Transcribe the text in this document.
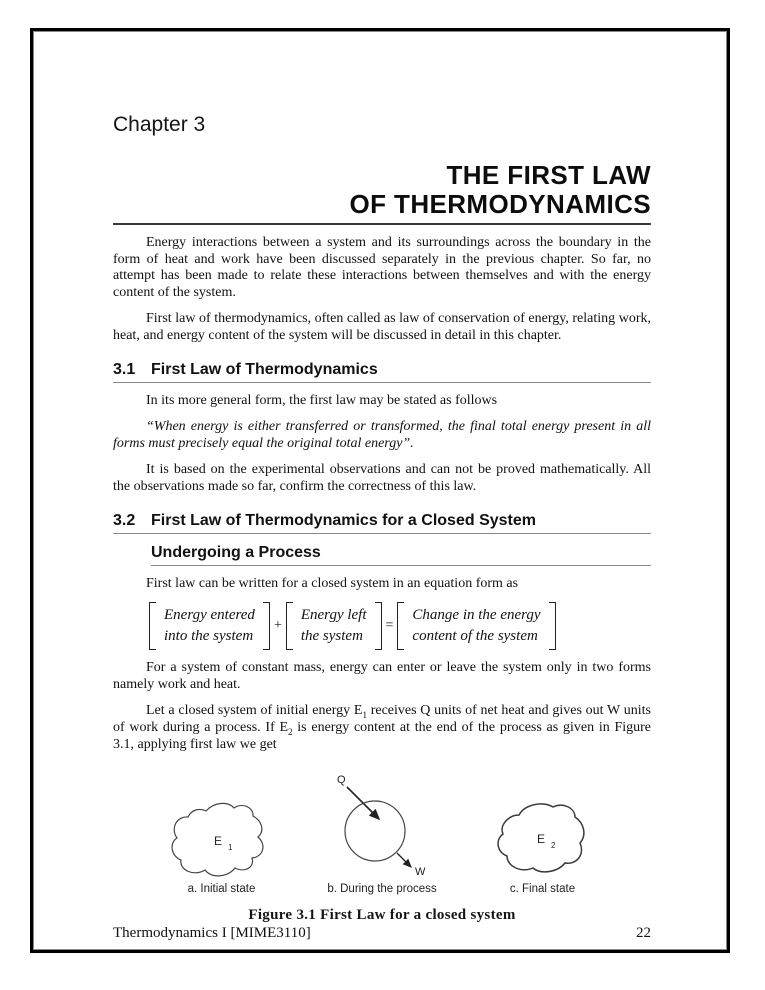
Chapter 3
THE FIRST LAW
OF THERMODYNAMICS

Energy interactions between a system and its surroundings across the boundary in the form of heat and work have been discussed separately in the previous chapter. So far, no attempt has been made to relate these interactions between themselves and with the energy content of the system.

First law of thermodynamics, often called as law of conservation of energy, relating work, heat, and energy content of the system will be discussed in detail in this chapter.

3.1 First Law of Thermodynamics

In its more general form, the first law may be stated as follows

“When energy is either transferred or transformed, the final total energy present in all forms must precisely equal the original total energy”.

It is based on the experimental observations and can not be proved mathematically. All the observations made so far, confirm the correctness of this law.

3.2 First Law of Thermodynamics for a Closed System
Undergoing a Process

First law can be written for a closed system in an equation form as

Energy entered
into the system
+
Energy left
the system
=
Change in the energy
content of the system

For a system of constant mass, energy can enter or leave the system only in two forms namely work and heat.

Let a closed system of initial energy $E_1$ receives Q units of net heat and gives out W units of work during a process. If $E_2$ is energy content at the end of the process as given in Figure 3.1, applying first law we get

E 1
a. Initial state
Q
W
b. During the process
E 2
c. Final state
Figure 3.1 First Law for a closed system
Thermodynamics I [MIME3110]	22
